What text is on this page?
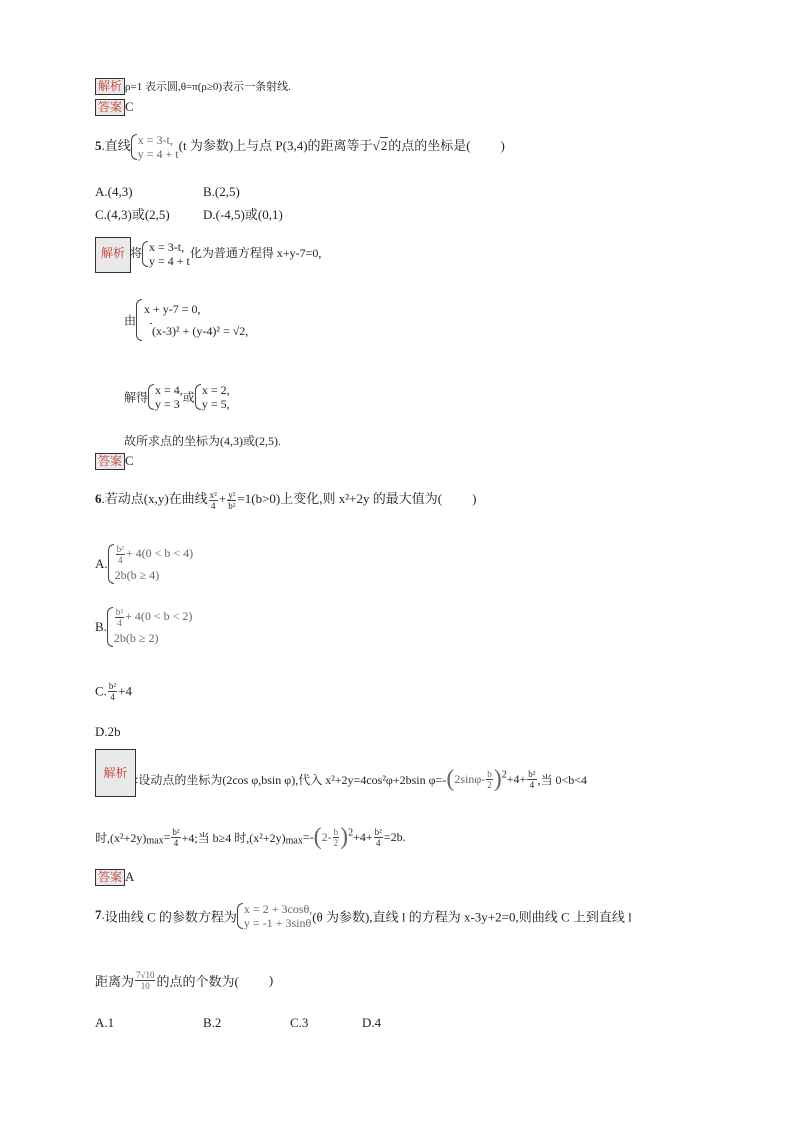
解析 ρ=1 表示圆,θ=π(ρ≥0)表示一条射线.
答案 C
5.直线 x = 3-t,
y = 4 + t
(t 为参数)上与点 P(3,4)的距离等于√2的点的坐标是( )
A.(4,3)	B.(2,5)
C.(4,3)或(2,5)	D.(-4,5)或(0,1)
解析 将 x = 3-t,
y = 4 + t
化为普通方程得 x+y-7=0,
由
x + y-7 = 0,
(x-3)² + (y-4)² = √2,
解得
x = 4,
y = 3 或
x = 2,
y = 5,
故所求点的坐标为(4,3)或(2,5).
答案 C
6.若动点(x,y)在曲线 $\frac{\text{x²}}{4} + \frac{\text{y²}}{\text{b²}} =1(b>0)$上变化,则 x²+2y 的最大值为( )
A. $\frac{\text{b²}}{4} + 4(0 < b < 4)$
2b(b ≥ 4)
B. $\frac{\text{b²}}{4} + 4(0 < b < 2)$
2b(b ≥ 2)
C. $\frac{\text{b²}}{4} +4$
D.2b
解析 :设动点的坐标为(2cos φ,bsin φ),代入 x²+2y=4cos²φ+2bsin $\varphi=-(2\sin\varphi- \frac{b}{2} )^2+4+ \frac{\text{b²}}{4}$ ,当 0<b<4
时$,(x^2+2y)_{max}= \frac{\text{b²}}{4} +4$;当 b≥4 时$,(x^2+2y)_{max}=-(2- \frac{b}{2} )^2+4+ \frac{\text{b²}}{4} =2b$.
答案 A
7.设曲线 C 的参数方程为
x = 2 + 3cosθ,
y = -1 + 3sinθ (θ 为参数),直线 l 的方程为 x-3y+2=0,则曲线 C 上到直线 l
距离为 $\frac{7√10}{10}$ 的点的个数为( )
A.1	B.2	C.3	D.4
